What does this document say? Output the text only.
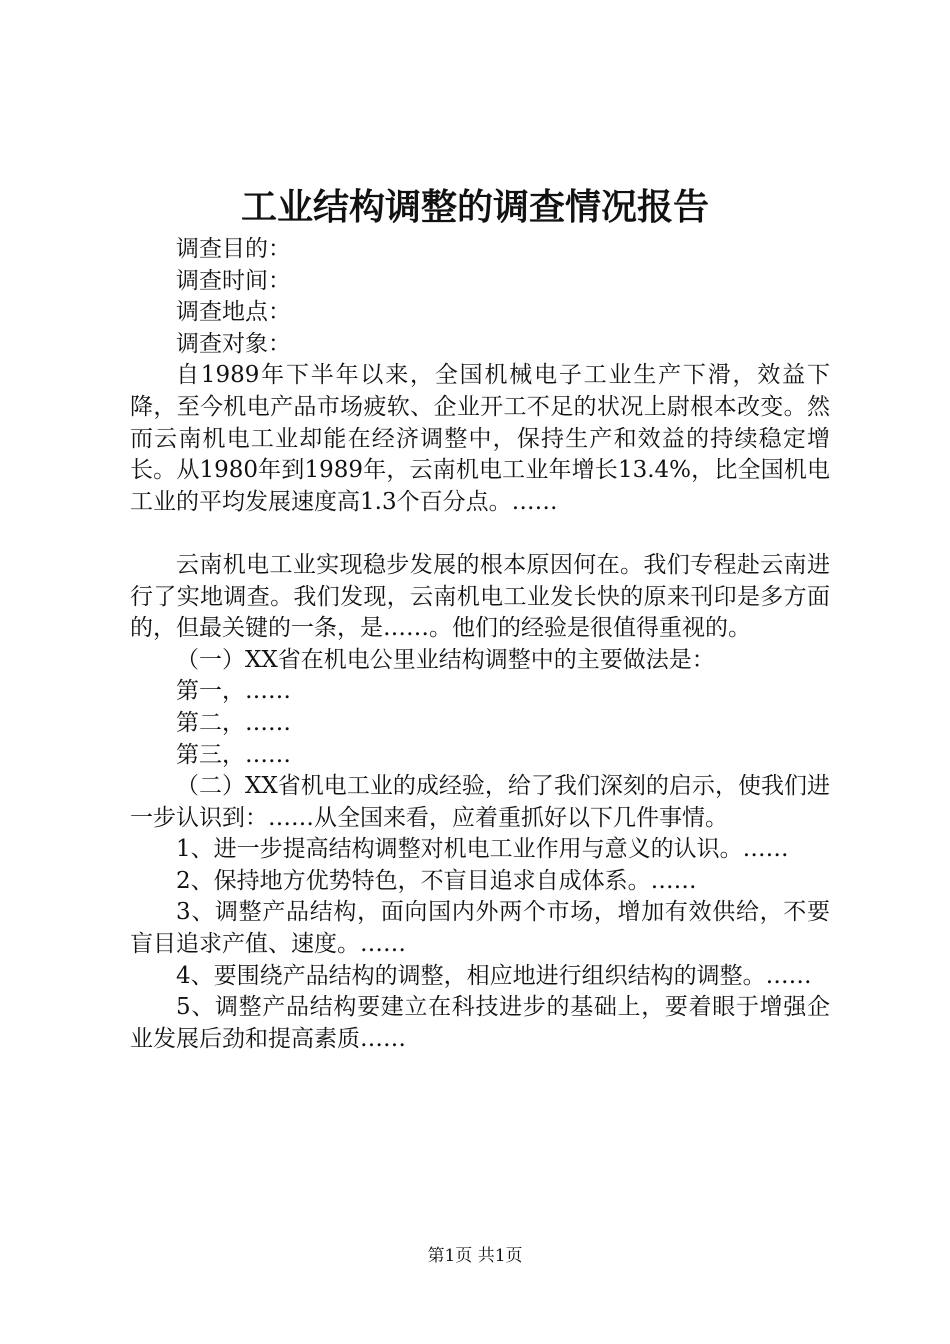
工业结构调整的调查情况报告

调查目的：

调查时间：

调查地点：

调查对象：

自1989年下半年以来，全国机械电子工业生产下滑，效益下降，至今机电产品市场疲软、企业开工不足的状况上尉根本改变。然而云南机电工业却能在经济调整中，保持生产和效益的持续稳定增长。从1980年到1989年，云南机电工业年增长13.4%，比全国机电工业的平均发展速度高1.3个百分点。……

云南机电工业实现稳步发展的根本原因何在。我们专程赴云南进行了实地调查。我们发现，云南机电工业发长快的原来刊印是多方面的，但最关键的一条，是……。他们的经验是很值得重视的。

（一）XX省在机电公里业结构调整中的主要做法是：

第一，……

第二，……

第三，……

（二）XX省机电工业的成经验，给了我们深刻的启示，使我们进一步认识到：……从全国来看，应着重抓好以下几件事情。

1、进一步提高结构调整对机电工业作用与意义的认识。……

2、保持地方优势特色，不盲目追求自成体系。……

3、调整产品结构，面向国内外两个市场，增加有效供给，不要盲目追求产值、速度。……

4、要围绕产品结构的调整，相应地进行组织结构的调整。……

5、调整产品结构要建立在科技进步的基础上，要着眼于增强企业发展后劲和提高素质……

第1页 共1页
